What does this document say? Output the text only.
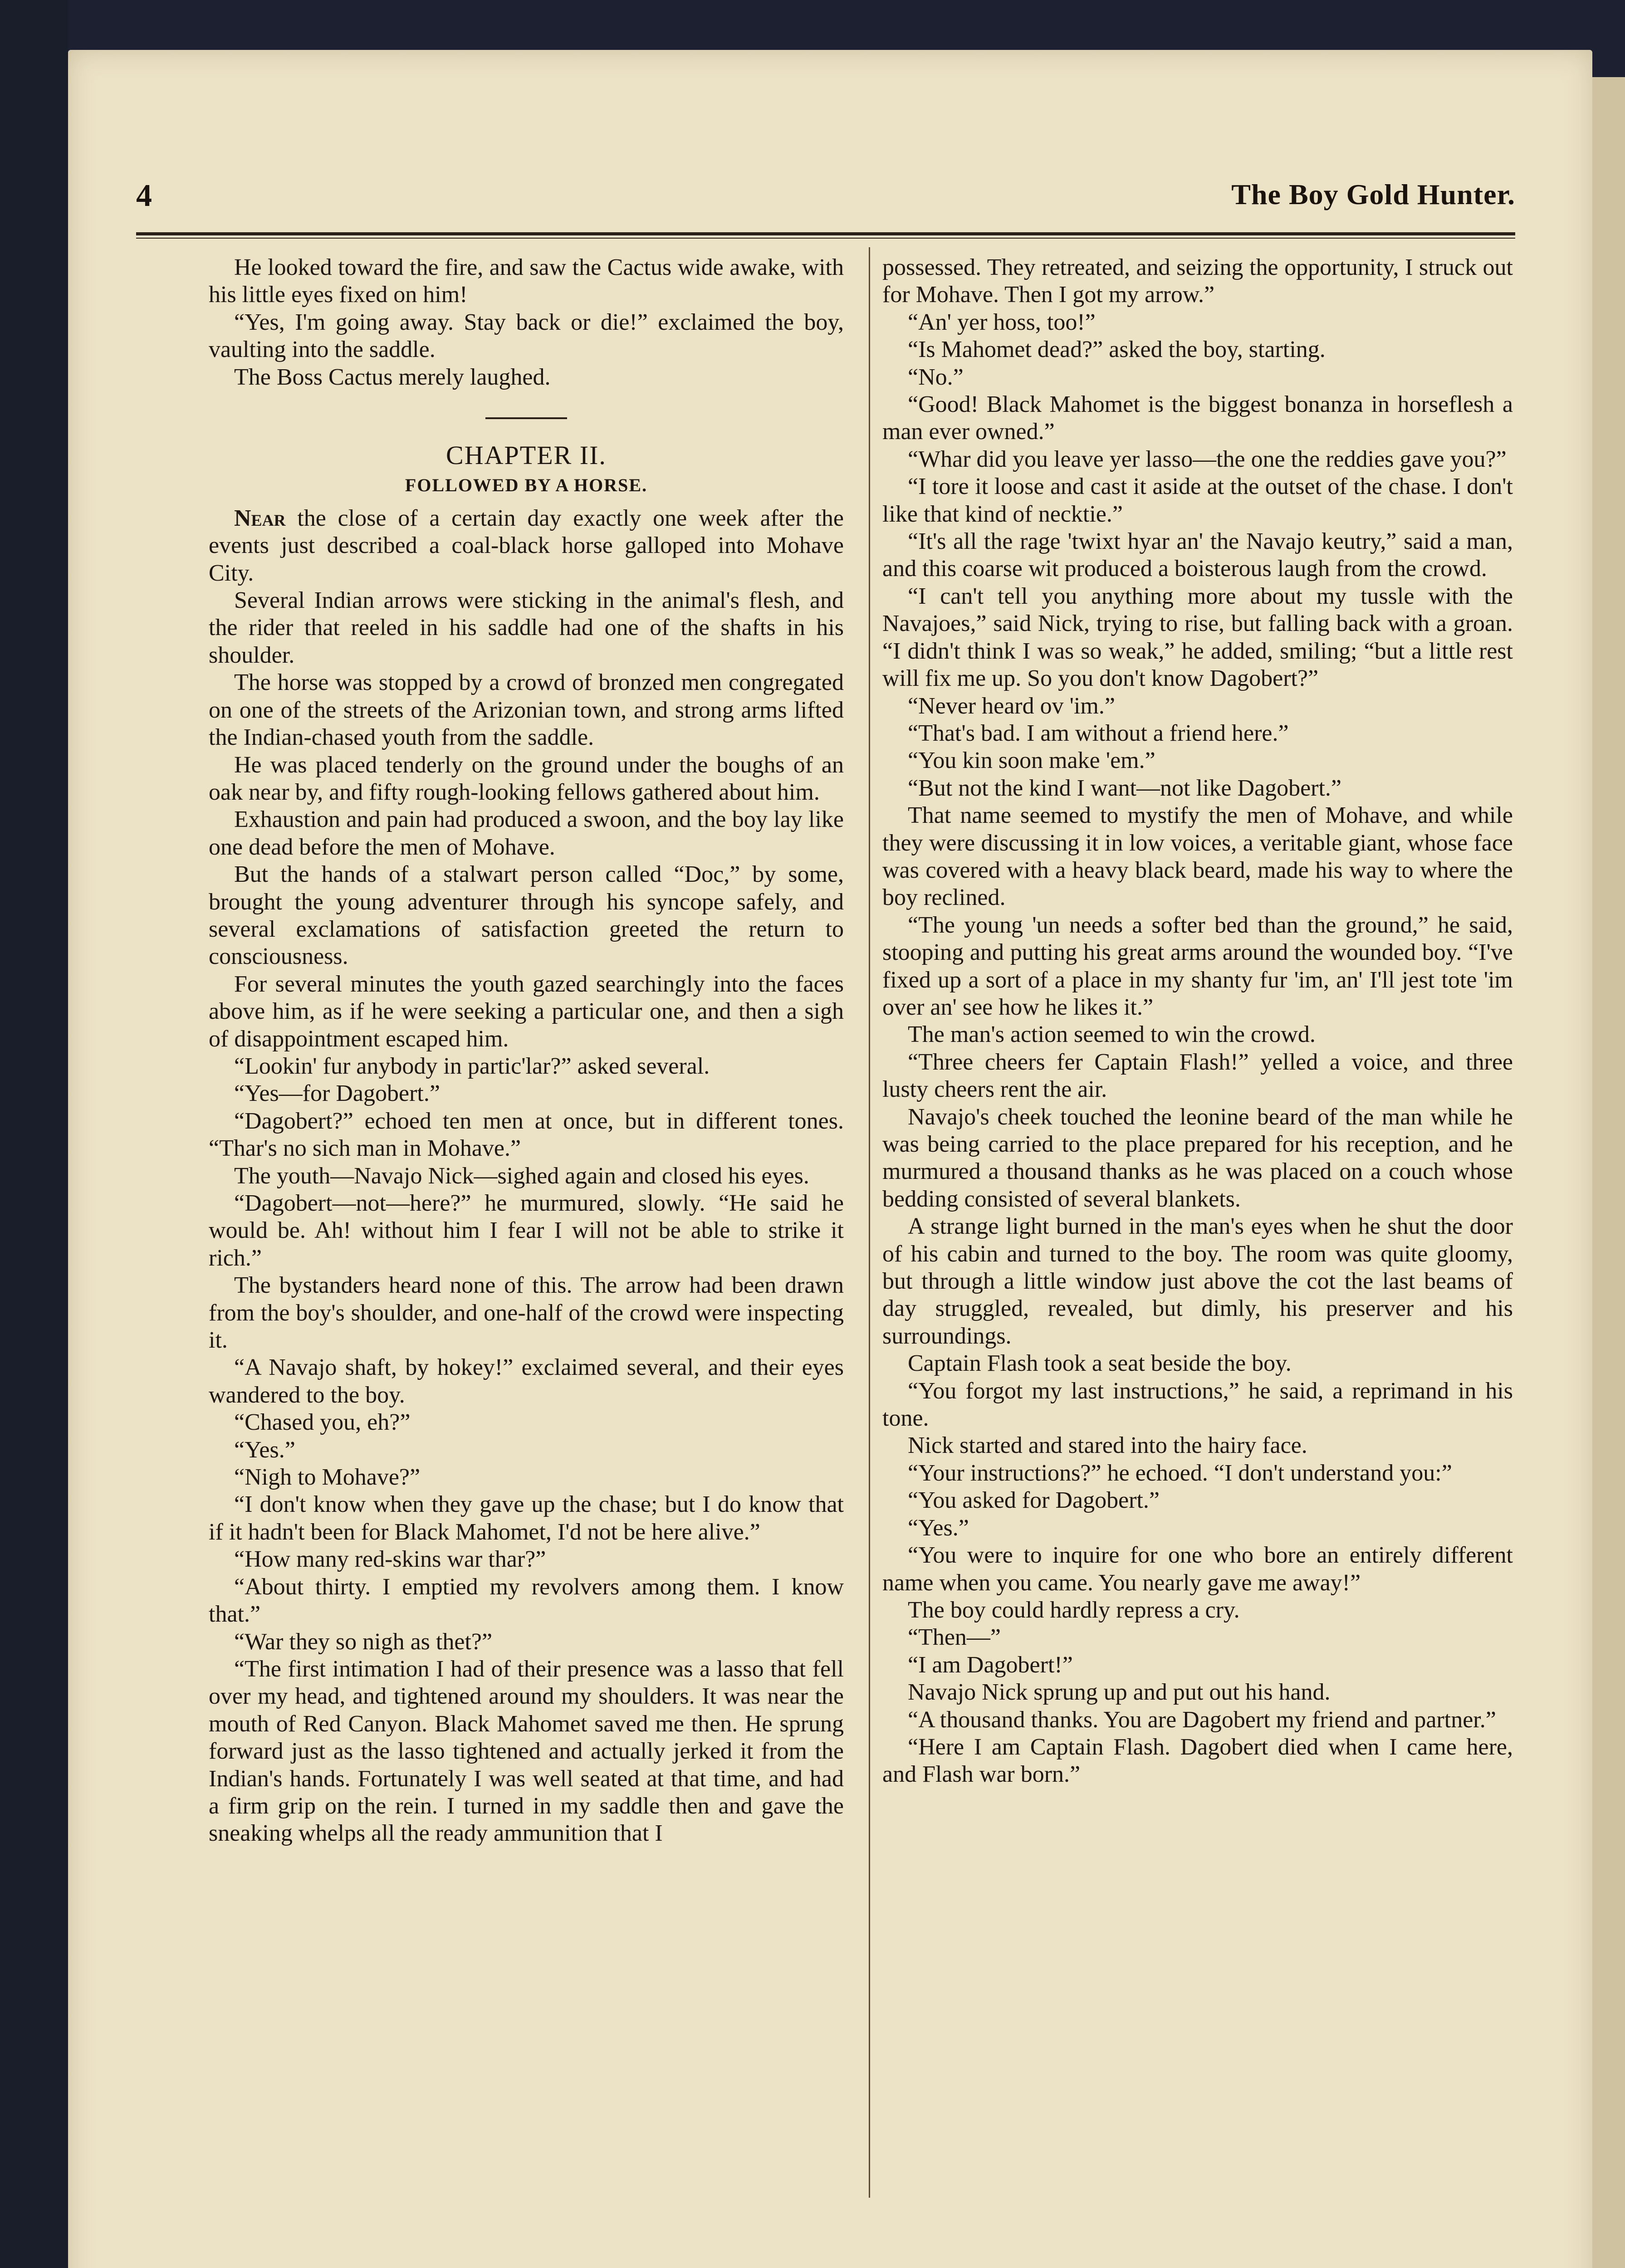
4	The Boy Gold Hunter.

He looked toward the fire, and saw the Cactus wide awake, with his little eyes fixed on him!

“Yes, I'm going away. Stay back or die!” exclaimed the boy, vaulting into the saddle.

The Boss Cactus merely laughed.

CHAPTER II.
FOLLOWED BY A HORSE.

Near the close of a certain day exactly one week after the events just described a coal-black horse galloped into Mohave City.

Several Indian arrows were sticking in the animal's flesh, and the rider that reeled in his saddle had one of the shafts in his shoulder.

The horse was stopped by a crowd of bronzed men congregated on one of the streets of the Arizonian town, and strong arms lifted the Indian-chased youth from the saddle.

He was placed tenderly on the ground under the boughs of an oak near by, and fifty rough-looking fellows gathered about him.

Exhaustion and pain had produced a swoon, and the boy lay like one dead before the men of Mohave.

But the hands of a stalwart person called “Doc,” by some, brought the young adventurer through his syncope safely, and several exclamations of satisfaction greeted the return to consciousness.

For several minutes the youth gazed searchingly into the faces above him, as if he were seeking a particular one, and then a sigh of disappointment escaped him.

“Lookin' fur anybody in partic'lar?” asked several.

“Yes—for Dagobert.”

“Dagobert?” echoed ten men at once, but in different tones. “Thar's no sich man in Mohave.”

The youth—Navajo Nick—sighed again and closed his eyes.

“Dagobert—not—here?” he murmured, slowly. “He said he would be. Ah! without him I fear I will not be able to strike it rich.”

The bystanders heard none of this. The arrow had been drawn from the boy's shoulder, and one-half of the crowd were inspecting it.

“A Navajo shaft, by hokey!” exclaimed several, and their eyes wandered to the boy.

“Chased you, eh?”

“Yes.”

“Nigh to Mohave?”

“I don't know when they gave up the chase; but I do know that if it hadn't been for Black Mahomet, I'd not be here alive.”

“How many red-skins war thar?”

“About thirty. I emptied my revolvers among them. I know that.”

“War they so nigh as thet?”

“The first intimation I had of their presence was a lasso that fell over my head, and tightened around my shoulders. It was near the mouth of Red Canyon. Black Mahomet saved me then. He sprung forward just as the lasso tightened and actually jerked it from the Indian's hands. Fortunately I was well seated at that time, and had a firm grip on the rein. I turned in my saddle then and gave the sneaking whelps all the ready ammunition that I

possessed. They retreated, and seizing the opportunity, I struck out for Mohave. Then I got my arrow.”

“An' yer hoss, too!”

“Is Mahomet dead?” asked the boy, starting.

“No.”

“Good! Black Mahomet is the biggest bonanza in horseflesh a man ever owned.”

“Whar did you leave yer lasso—the one the reddies gave you?”

“I tore it loose and cast it aside at the outset of the chase. I don't like that kind of necktie.”

“It's all the rage 'twixt hyar an' the Navajo keutry,” said a man, and this coarse wit produced a boisterous laugh from the crowd.

“I can't tell you anything more about my tussle with the Navajoes,” said Nick, trying to rise, but falling back with a groan. “I didn't think I was so weak,” he added, smiling; “but a little rest will fix me up. So you don't know Dagobert?”

“Never heard ov 'im.”

“That's bad. I am without a friend here.”

“You kin soon make 'em.”

“But not the kind I want—not like Dagobert.”

That name seemed to mystify the men of Mohave, and while they were discussing it in low voices, a veritable giant, whose face was covered with a heavy black beard, made his way to where the boy reclined.

“The young 'un needs a softer bed than the ground,” he said, stooping and putting his great arms around the wounded boy. “I've fixed up a sort of a place in my shanty fur 'im, an' I'll jest tote 'im over an' see how he likes it.”

The man's action seemed to win the crowd.

“Three cheers fer Captain Flash!” yelled a voice, and three lusty cheers rent the air.

Navajo's cheek touched the leonine beard of the man while he was being carried to the place prepared for his reception, and he murmured a thousand thanks as he was placed on a couch whose bedding consisted of several blankets.

A strange light burned in the man's eyes when he shut the door of his cabin and turned to the boy. The room was quite gloomy, but through a little window just above the cot the last beams of day struggled, revealed, but dimly, his preserver and his surroundings.

Captain Flash took a seat beside the boy.

“You forgot my last instructions,” he said, a reprimand in his tone.

Nick started and stared into the hairy face.

“Your instructions?” he echoed. “I don't understand you:”

“You asked for Dagobert.”

“Yes.”

“You were to inquire for one who bore an entirely different name when you came. You nearly gave me away!”

The boy could hardly repress a cry.

“Then—”

“I am Dagobert!”

Navajo Nick sprung up and put out his hand.

“A thousand thanks. You are Dagobert my friend and partner.”

“Here I am Captain Flash. Dagobert died when I came here, and Flash war born.”
